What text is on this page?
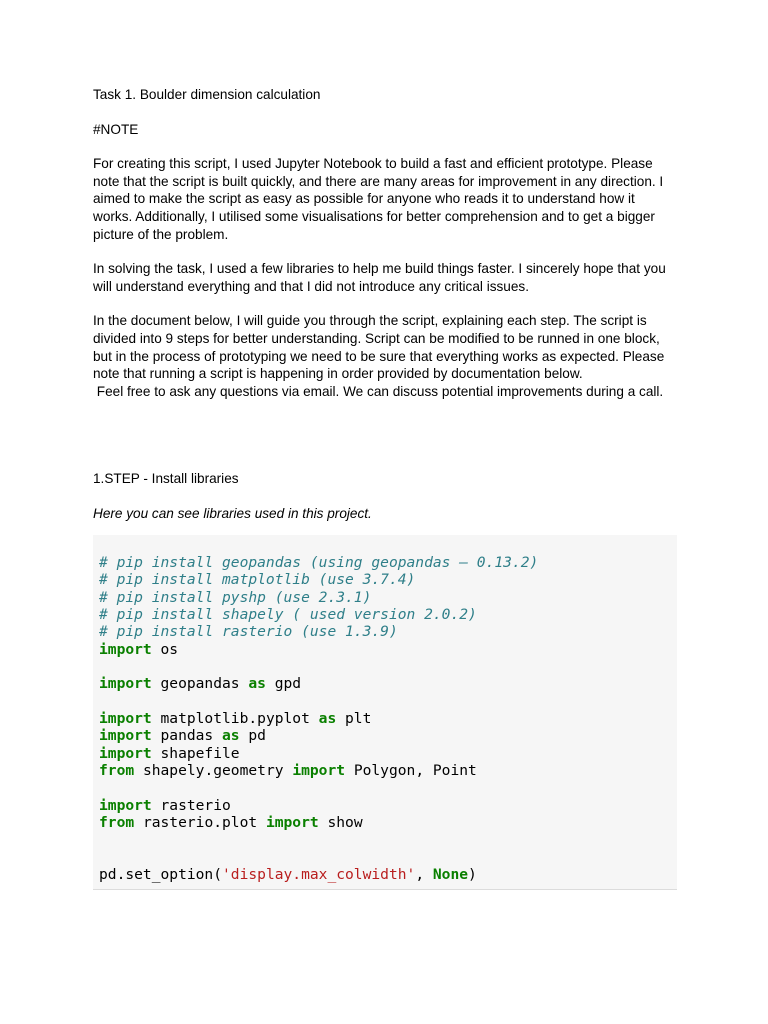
Task 1. Boulder dimension calculation

#NOTE

For creating this script, I used Jupyter Notebook to build a fast and efficient prototype. Please note that the script is built quickly, and there are many areas for improvement in any direction. I aimed to make the script as easy as possible for anyone who reads it to understand how it works. Additionally, I utilised some visualisations for better comprehension and to get a bigger picture of the problem.

In solving the task, I used a few libraries to help me build things faster. I sincerely hope that you will understand everything and that I did not introduce any critical issues.

In the document below, I will guide you through the script, explaining each step. The script is divided into 9 steps for better understanding. Script can be modified to be runned in one block, but in the process of prototyping we need to be sure that everything works as expected. Please note that running a script is happening in order provided by documentation below.

Feel free to ask any questions via email. We can discuss potential improvements during a call.

1.STEP - Install libraries

Here you can see libraries used in this project.

# pip install geopandas (using geopandas – 0.13.2)
# pip install matplotlib (use 3.7.4)
# pip install pyshp (use 2.3.1)
# pip install shapely ( used version 2.0.2)
# pip install rasterio (use 1.3.9)
import os
import geopandas as gpd
import matplotlib.pyplot as plt
import pandas as pd
import shapefile
from shapely.geometry import Polygon, Point
import rasterio
from rasterio.plot import show
pd.set_option('display.max_colwidth', None)
